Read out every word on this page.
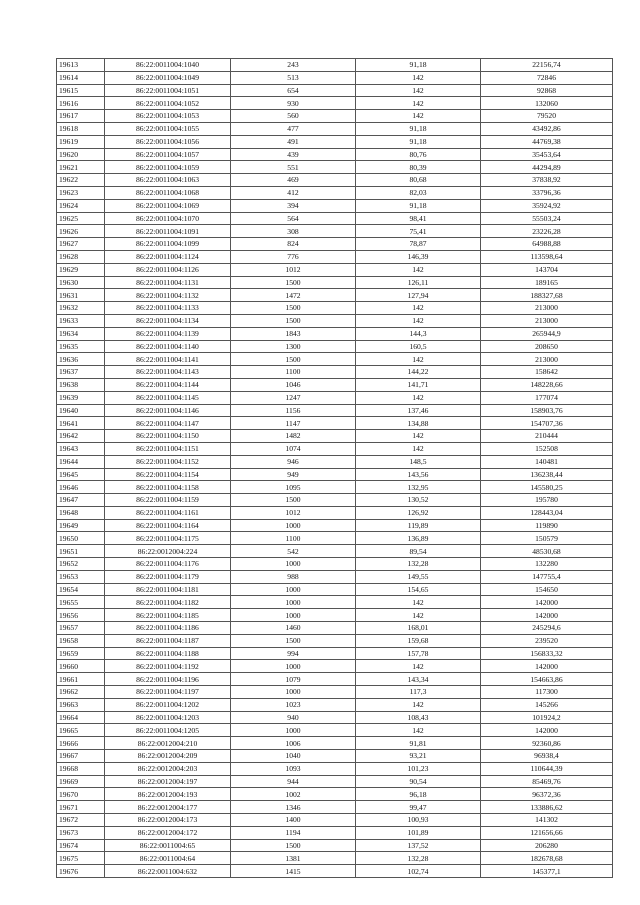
19613	86:22:0011004:1040	243	91,18	22156,74
19614	86:22:0011004:1049	513	142	72846
19615	86:22:0011004:1051	654	142	92868
19616	86:22:0011004:1052	930	142	132060
19617	86:22:0011004:1053	560	142	79520
19618	86:22:0011004:1055	477	91,18	43492,86
19619	86:22:0011004:1056	491	91,18	44769,38
19620	86:22:0011004:1057	439	80,76	35453,64
19621	86:22:0011004:1059	551	80,39	44294,89
19622	86:22:0011004:1063	469	80,68	37838,92
19623	86:22:0011004:1068	412	82,03	33796,36
19624	86:22:0011004:1069	394	91,18	35924,92
19625	86:22:0011004:1070	564	98,41	55503,24
19626	86:22:0011004:1091	308	75,41	23226,28
19627	86:22:0011004:1099	824	78,87	64988,88
19628	86:22:0011004:1124	776	146,39	113598,64
19629	86:22:0011004:1126	1012	142	143704
19630	86:22:0011004:1131	1500	126,11	189165
19631	86:22:0011004:1132	1472	127,94	188327,68
19632	86:22:0011004:1133	1500	142	213000
19633	86:22:0011004:1134	1500	142	213000
19634	86:22:0011004:1139	1843	144,3	265944,9
19635	86:22:0011004:1140	1300	160,5	208650
19636	86:22:0011004:1141	1500	142	213000
19637	86:22:0011004:1143	1100	144,22	158642
19638	86:22:0011004:1144	1046	141,71	148228,66
19639	86:22:0011004:1145	1247	142	177074
19640	86:22:0011004:1146	1156	137,46	158903,76
19641	86:22:0011004:1147	1147	134,88	154707,36
19642	86:22:0011004:1150	1482	142	210444
19643	86:22:0011004:1151	1074	142	152508
19644	86:22:0011004:1152	946	148,5	140481
19645	86:22:0011004:1154	949	143,56	136238,44
19646	86:22:0011004:1158	1095	132,95	145580,25
19647	86:22:0011004:1159	1500	130,52	195780
19648	86:22:0011004:1161	1012	126,92	128443,04
19649	86:22:0011004:1164	1000	119,89	119890
19650	86:22:0011004:1175	1100	136,89	150579
19651	86:22:0012004:224	542	89,54	48530,68
19652	86:22:0011004:1176	1000	132,28	132280
19653	86:22:0011004:1179	988	149,55	147755,4
19654	86:22:0011004:1181	1000	154,65	154650
19655	86:22:0011004:1182	1000	142	142000
19656	86:22:0011004:1185	1000	142	142000
19657	86:22:0011004:1186	1460	168,01	245294,6
19658	86:22:0011004:1187	1500	159,68	239520
19659	86:22:0011004:1188	994	157,78	156833,32
19660	86:22:0011004:1192	1000	142	142000
19661	86:22:0011004:1196	1079	143,34	154663,86
19662	86:22:0011004:1197	1000	117,3	117300
19663	86:22:0011004:1202	1023	142	145266
19664	86:22:0011004:1203	940	108,43	101924,2
19665	86:22:0011004:1205	1000	142	142000
19666	86:22:0012004:210	1006	91,81	92360,86
19667	86:22:0012004:209	1040	93,21	96938,4
19668	86:22:0012004:203	1093	101,23	110644,39
19669	86:22:0012004:197	944	90,54	85469,76
19670	86:22:0012004:193	1002	96,18	96372,36
19671	86:22:0012004:177	1346	99,47	133886,62
19672	86:22:0012004:173	1400	100,93	141302
19673	86:22:0012004:172	1194	101,89	121656,66
19674	86:22:0011004:65	1500	137,52	206280
19675	86:22:0011004:64	1381	132,28	182678,68
19676	86:22:0011004:632	1415	102,74	145377,1
